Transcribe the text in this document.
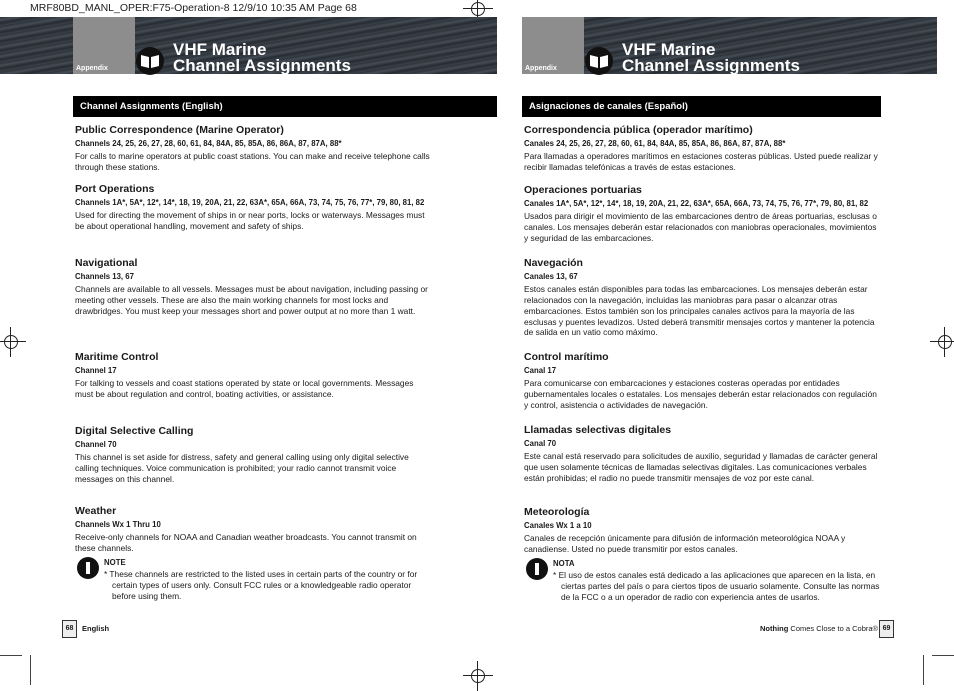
MRF80BD_MANL_OPER:F75-Operation-8 12/9/10 10:35 AM Page 68
Appendix
VHF Marine
Channel Assignments
Channel Assignments (English)
Public Correspondence (Marine Operator)
Channels 24, 25, 26, 27, 28, 60, 61, 84, 84A, 85, 85A, 86, 86A, 87, 87A, 88*
For calls to marine operators at public coast stations. You can make and receive telephone calls through these stations.
Port Operations
Channels 1A*, 5A*, 12*, 14*, 18, 19, 20A, 21, 22, 63A*, 65A, 66A, 73, 74, 75, 76, 77*, 79, 80, 81, 82
Used for directing the movement of ships in or near ports, locks or waterways. Messages must be about operational handling, movement and safety of ships.
Navigational
Channels 13, 67
Channels are available to all vessels. Messages must be about navigation, including passing or meeting other vessels. These are also the main working channels for most locks and drawbridges. You must keep your messages short and power output at no more than 1 watt.
Maritime Control
Channel 17
For talking to vessels and coast stations operated by state or local governments. Messages must be about regulation and control, boating activities, or assistance.
Digital Selective Calling
Channel 70
This channel is set aside for distress, safety and general calling using only digital selective calling techniques. Voice communication is prohibited; your radio cannot transmit voice messages on this channel.
Weather
Channels Wx 1 Thru 10
Receive-only channels for NOAA and Canadian weather broadcasts. You cannot transmit on these channels.
NOTE
* These channels are restricted to the listed uses in certain parts of the country or for certain types of users only. Consult FCC rules or a knowledgeable radio operator before using them.
68	English
Appendix
VHF Marine
Channel Assignments
Asignaciones de canales (Español)
Correspondencia pública (operador marítimo)
Canales 24, 25, 26, 27, 28, 60, 61, 84, 84A, 85, 85A, 86, 86A, 87, 87A, 88*
Para llamadas a operadores marítimos en estaciones costeras públicas. Usted puede realizar y recibir llamadas telefónicas a través de estas estaciones.
Operaciones portuarias
Canales 1A*, 5A*, 12*, 14*, 18, 19, 20A, 21, 22, 63A*, 65A, 66A, 73, 74, 75, 76, 77*, 79, 80, 81, 82
Usados para dirigir el movimiento de las embarcaciones dentro de áreas portuarias, esclusas o canales. Los mensajes deberán estar relacionados con maniobras operacionales, movimientos y seguridad de las embarcaciones.
Navegación
Canales 13, 67
Estos canales están disponibles para todas las embarcaciones. Los mensajes deberán estar relacionados con la navegación, incluidas las maniobras para pasar o alcanzar otras embarcaciones. Estos también son los principales canales activos para la mayoría de las esclusas y puentes levadizos. Usted deberá transmitir mensajes cortos y mantener la potencia de salida en un vatio como máximo.
Control marítimo
Canal 17
Para comunicarse con embarcaciones y estaciones costeras operadas por entidades gubernamentales locales o estatales. Los mensajes deberán estar relacionados con regulación y control, asistencia o actividades de navegación.
Llamadas selectivas digitales
Canal 70
Este canal está reservado para solicitudes de auxilio, seguridad y llamadas de carácter general que usen solamente técnicas de llamadas selectivas digitales. Las comunicaciones verbales están prohibidas; el radio no puede transmitir mensajes de voz por este canal.
Meteorología
Canales Wx 1 a 10
Canales de recepción únicamente para difusión de información meteorológica NOAA y canadiense. Usted no puede transmitir por estos canales.
NOTA
* El uso de estos canales está dedicado a las aplicaciones que aparecen en la lista, en ciertas partes del país o para ciertos tipos de usuario solamente. Consulte las normas de la FCC o a un operador de radio con experiencia antes de usarlos.
Nothing Comes Close to a Cobra® 69
